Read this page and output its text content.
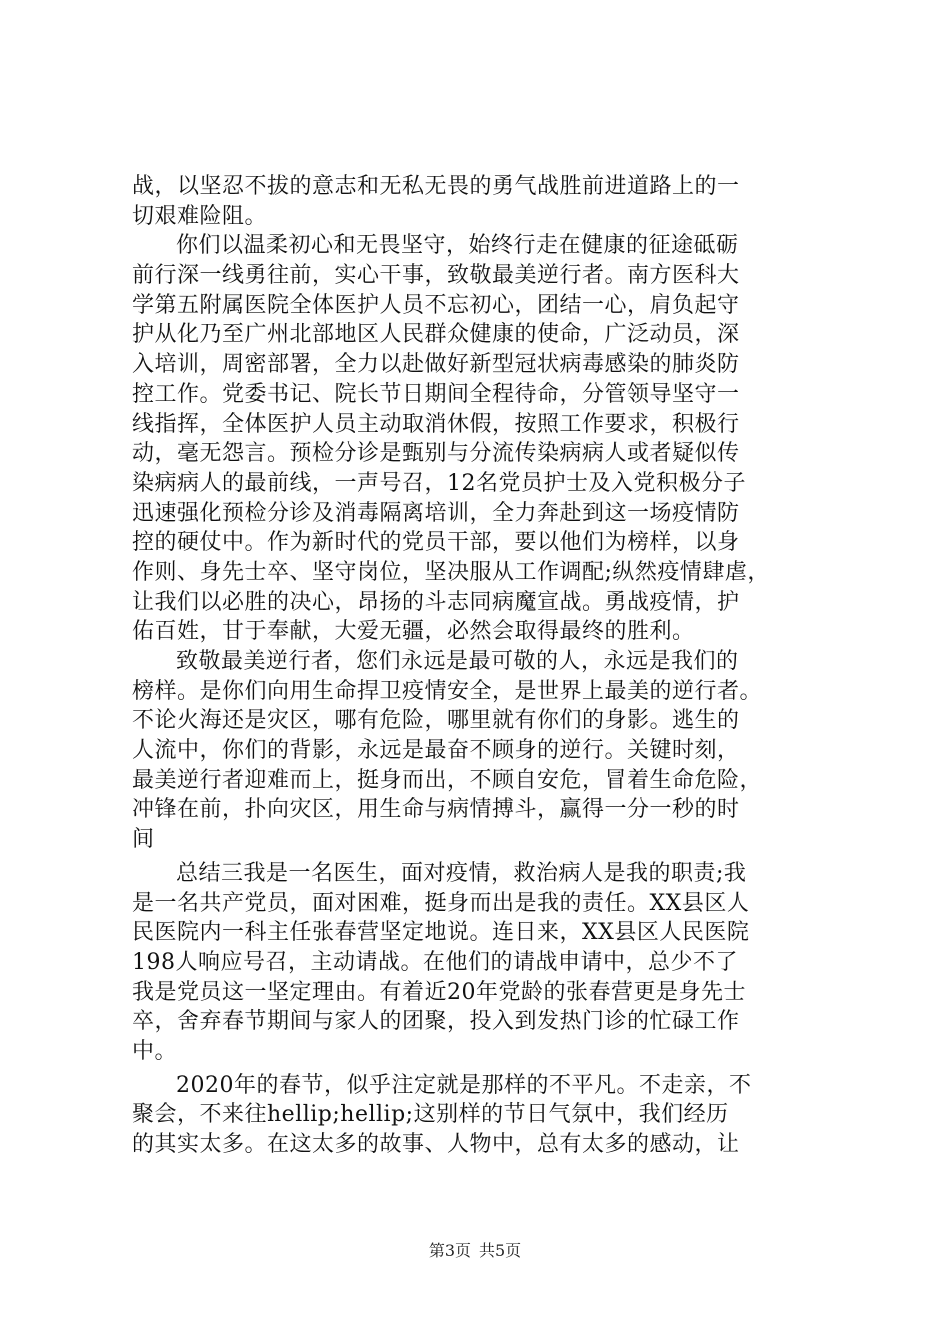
战，以坚忍不拔的意志和无私无畏的勇气战胜前进道路上的一
切艰难险阻。
你们以温柔初心和无畏坚守，始终行走在健康的征途砥砺
前行深一线勇往前，实心干事，致敬最美逆行者。南方医科大
学第五附属医院全体医护人员不忘初心，团结一心，肩负起守
护从化乃至广州北部地区人民群众健康的使命，广泛动员，深
入培训，周密部署，全力以赴做好新型冠状病毒感染的肺炎防
控工作。党委书记、院长节日期间全程待命，分管领导坚守一
线指挥，全体医护人员主动取消休假，按照工作要求，积极行
动，毫无怨言。预检分诊是甄别与分流传染病病人或者疑似传
染病病人的最前线，一声号召，12名党员护士及入党积极分子
迅速强化预检分诊及消毒隔离培训，全力奔赴到这一场疫情防
控的硬仗中。作为新时代的党员干部，要以他们为榜样，以身
作则、身先士卒、坚守岗位，坚决服从工作调配;纵然疫情肆虐，
让我们以必胜的决心，昂扬的斗志同病魔宣战。勇战疫情，护
佑百姓，甘于奉献，大爱无疆，必然会取得最终的胜利。
致敬最美逆行者，您们永远是最可敬的人，永远是我们的
榜样。是你们向用生命捍卫疫情安全，是世界上最美的逆行者。
不论火海还是灾区，哪有危险，哪里就有你们的身影。逃生的
人流中，你们的背影，永远是最奋不顾身的逆行。关键时刻，
最美逆行者迎难而上，挺身而出，不顾自安危，冒着生命危险，
冲锋在前，扑向灾区，用生命与病情搏斗，赢得一分一秒的时
间
总结三我是一名医生，面对疫情，救治病人是我的职责;我
是一名共产党员，面对困难，挺身而出是我的责任。XX县区人
民医院内一科主任张春营坚定地说。连日来，XX县区人民医院
198人响应号召，主动请战。在他们的请战申请中，总少不了
我是党员这一坚定理由。有着近20年党龄的张春营更是身先士
卒，舍弃春节期间与家人的团聚，投入到发热门诊的忙碌工作
中。
2020年的春节，似乎注定就是那样的不平凡。不走亲，不
聚会，不来往hellip;hellip;这别样的节日气氛中，我们经历
的其实太多。在这太多的故事、人物中，总有太多的感动，让
第3页 共5页
